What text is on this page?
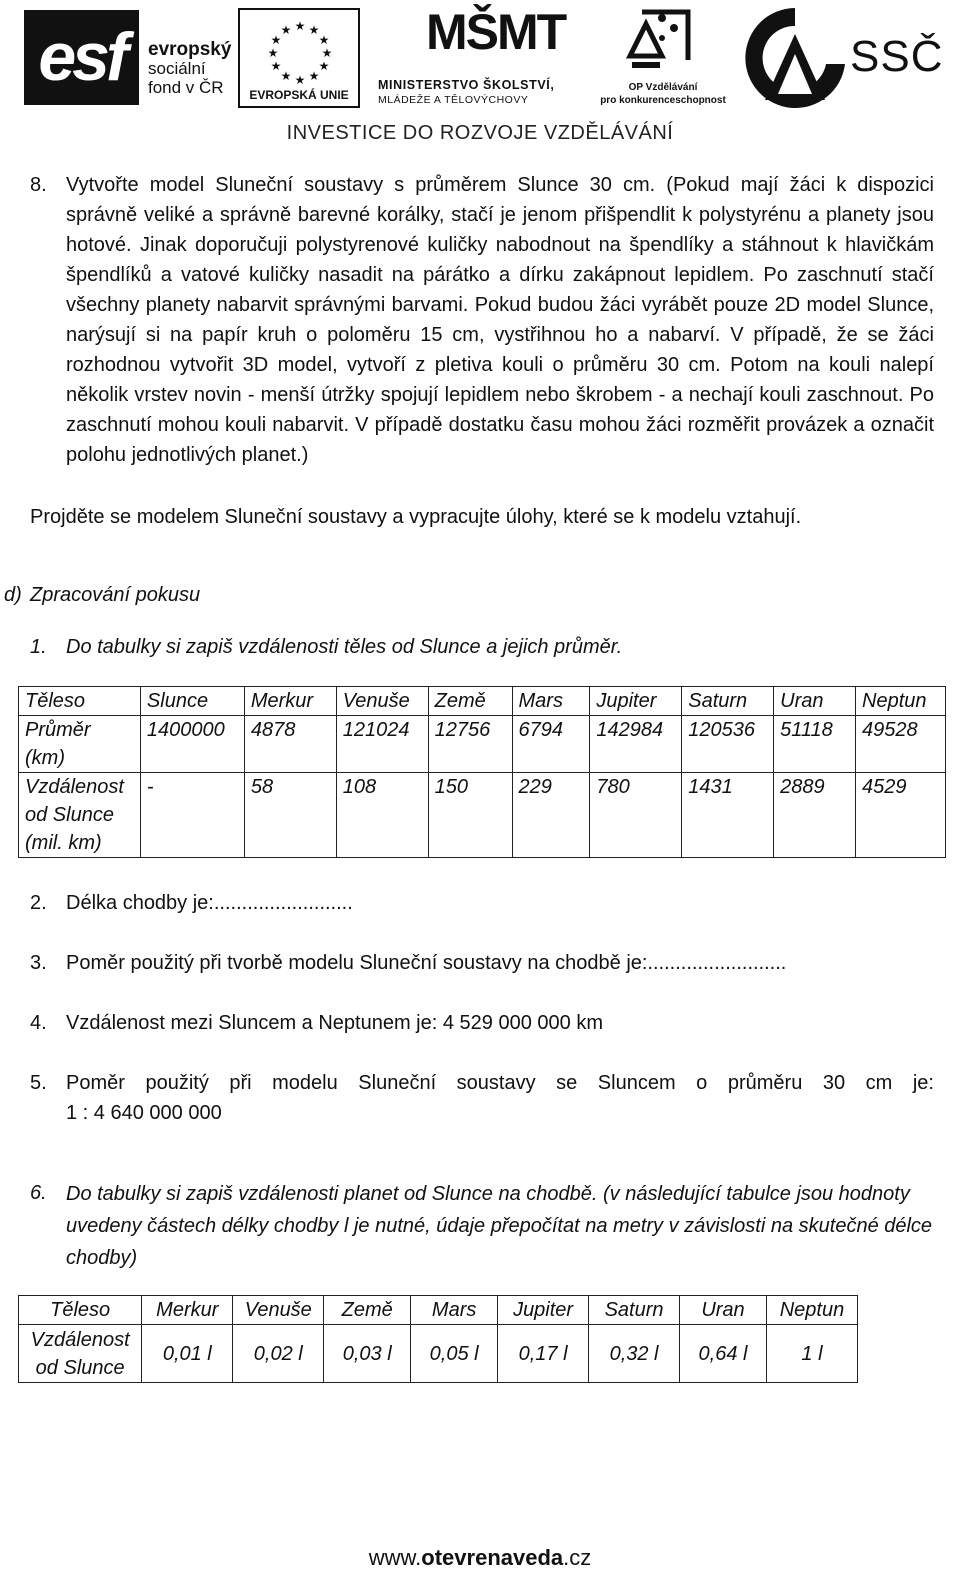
esf	evropský
sociální
fond v ČR
★ ★
★
★
★
★
★
★
★
★
★
★
EVROPSKÁ UNIE
MŠMT
MINISTERSTVO ŠKOLSTVÍ,
MLÁDEŽE A TĚLOVÝCHOVY
OP Vzdělávání
pro konkurenceschopnost
SSČ
INVESTICE DO ROZVOJE VZDĚLÁVÁNÍ
8. Vytvořte model Sluneční soustavy s průměrem Slunce 30 cm. (Pokud mají žáci k dispozici správně veliké a správně barevné korálky, stačí je jenom přišpendlit k polystyrénu a planety jsou hotové. Jinak doporučuji polystyrenové kuličky nabodnout na špendlíky a stáhnout k hlavičkám špendlíků a vatové kuličky nasadit na párátko a dírku zakápnout lepidlem. Po zaschnutí stačí všechny planety nabarvit správnými barvami. Pokud budou žáci vyrábět pouze 2D model Slunce, narýsují si na papír kruh o poloměru 15 cm, vystřihnou ho a nabarví. V případě, že se žáci rozhodnou vytvořit 3D model, vytvoří z pletiva kouli o průměru 30 cm. Potom na kouli nalepí několik vrstev novin - menší útržky spojují lepidlem nebo škrobem - a nechají kouli zaschnout. Po zaschnutí mohou kouli nabarvit. V případě dostatku času mohou žáci rozměřit provázek a označit polohu jednotlivých planet.)
Projděte se modelem Sluneční soustavy a vypracujte úlohy, které se k modelu vztahují.
d) Zpracování pokusu
1. Do tabulky si zapiš vzdálenosti těles od Slunce a jejich průměr.
Těleso	Slunce	Merkur	Venuše	Země	Mars	Jupiter	Saturn	Uran	Neptun
Průměr (km)	1400000	4878	121024	12756	6794	142984	120536	51118	49528
Vzdálenost od Slunce (mil. km)	-	58	108	150	229	780	1431	2889	4529
2. Délka chodby je:.........................
3. Poměr použitý při tvorbě modelu Sluneční soustavy na chodbě je:.........................
4. Vzdálenost mezi Sluncem a Neptunem je: 4 529 000 000 km
5. Poměr použitý při modelu Sluneční soustavy se Sluncem o průměru 30 cm je:
1 : 4 640 000 000
6. Do tabulky si zapiš vzdálenosti planet od Slunce na chodbě. (v následující tabulce jsou hodnoty uvedeny částech délky chodby l je nutné, údaje přepočítat na metry v závislosti na skutečné délce chodby)
Těleso	Merkur	Venuše	Země	Mars	Jupiter	Saturn	Uran	Neptun
Vzdálenost od Slunce	0,01 l	0,02 l	0,03 l	0,05 l	0,17 l	0,32 l	0,64 l	1 l
www.otevrenaveda.cz
